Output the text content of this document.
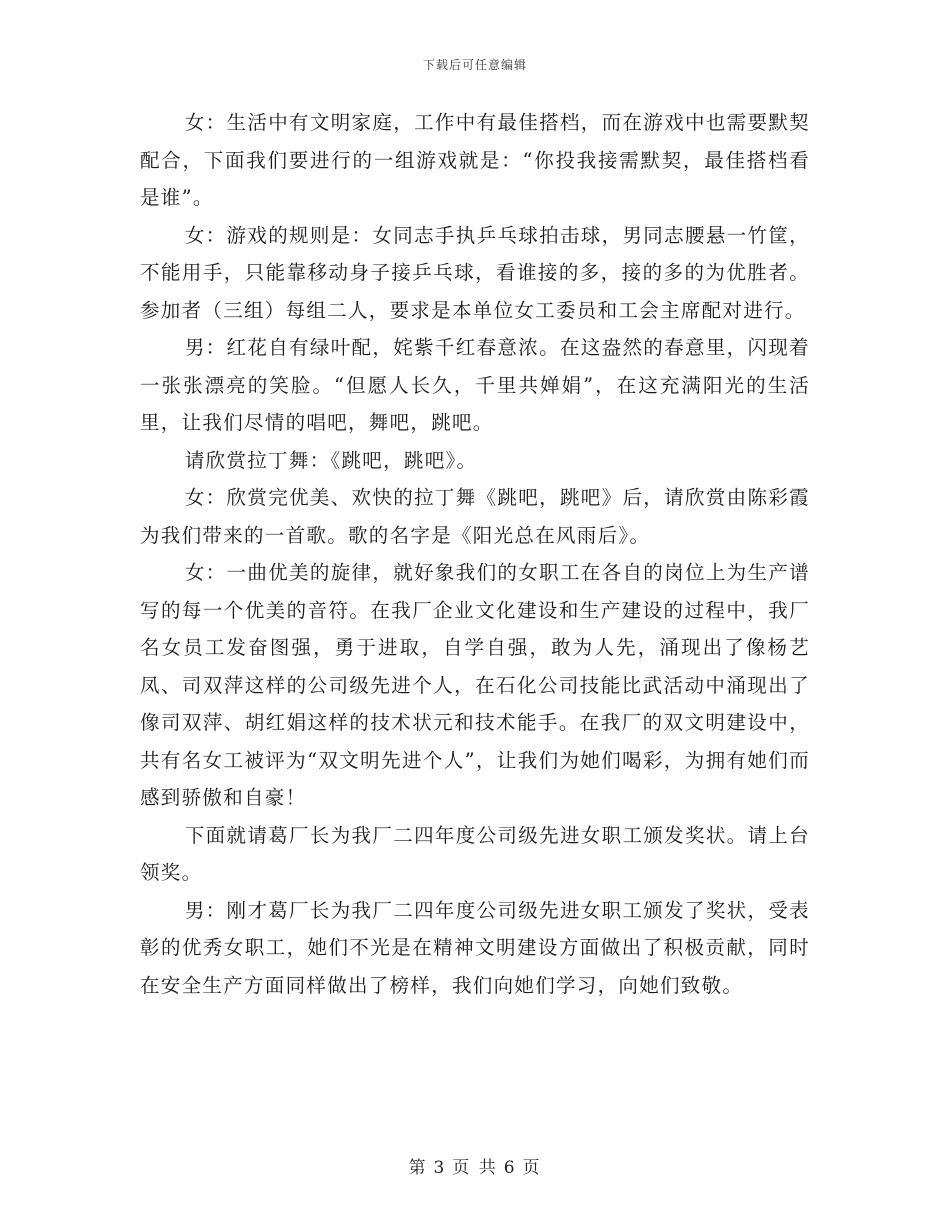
下载后可任意编辑

女：生活中有文明家庭，工作中有最佳搭档，而在游戏中也需要默契配合，下面我们要进行的一组游戏就是：“你投我接需默契，最佳搭档看是谁”。

女：游戏的规则是：女同志手执乒乓球拍击球，男同志腰悬一竹筐，不能用手，只能靠移动身子接乒乓球，看谁接的多，接的多的为优胜者。参加者（三组）每组二人，要求是本单位女工委员和工会主席配对进行。

男：红花自有绿叶配，姹紫千红春意浓。在这盎然的春意里，闪现着一张张漂亮的笑脸。“但愿人长久，千里共婵娟”，在这充满阳光的生活里，让我们尽情的唱吧，舞吧，跳吧。

请欣赏拉丁舞：《跳吧，跳吧》。

女：欣赏完优美、欢快的拉丁舞《跳吧，跳吧》后，请欣赏由陈彩霞为我们带来的一首歌。歌的名字是《阳光总在风雨后》。

女：一曲优美的旋律，就好象我们的女职工在各自的岗位上为生产谱写的每一个优美的音符。在我厂企业文化建设和生产建设的过程中，我厂名女员工发奋图强，勇于进取，自学自强，敢为人先，涌现出了像杨艺凤、司双萍这样的公司级先进个人，在石化公司技能比武活动中涌现出了像司双萍、胡红娟这样的技术状元和技术能手。在我厂的双文明建设中，共有名女工被评为“双文明先进个人”，让我们为她们喝彩，为拥有她们而感到骄傲和自豪！

下面就请葛厂长为我厂二四年度公司级先进女职工颁发奖状。请上台领奖。

男：刚才葛厂长为我厂二四年度公司级先进女职工颁发了奖状，受表彰的优秀女职工，她们不光是在精神文明建设方面做出了积极贡献，同时在安全生产方面同样做出了榜样，我们向她们学习，向她们致敬。

第 3 页 共 6 页
